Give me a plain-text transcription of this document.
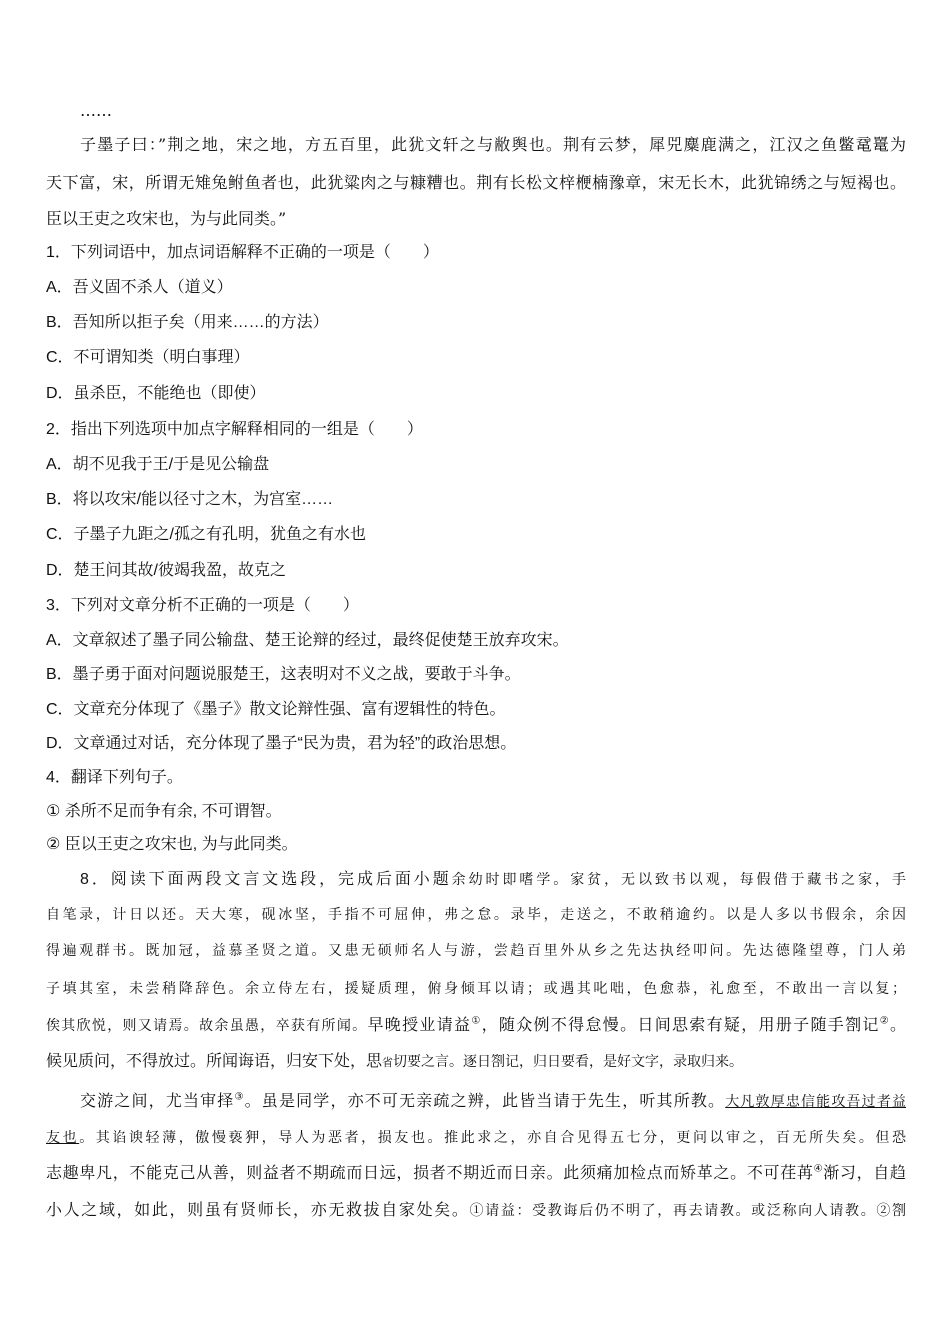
……
子墨子曰：”荆之地，宋之地，方五百里，此犹文轩之与敝舆也。荆有云梦，犀兕麋鹿满之，江汉之鱼鳖鼋鼍为
天下富，宋，所谓无雉兔鲋鱼者也，此犹粱肉之与糠糟也。荆有长松文梓楩楠豫章，宋无长木，此犹锦绣之与短褐也。
臣以王吏之攻宋也，为与此同类。”
1．下列词语中，加点词语解释不正确的一项是（　　）
A．吾义固不杀人（道义）
B．吾知所以拒子矣（用来……的方法）
C．不可谓知类（明白事理）
D．虽杀臣，不能绝也（即使）
2．指出下列选项中加点字解释相同的一组是（　　）
A．胡不见我于王/于是见公输盘
B．将以攻宋/能以径寸之木，为宫室……
C．子墨子九距之/孤之有孔明，犹鱼之有水也
D．楚王问其故/彼竭我盈，故克之
3．下列对文章分析不正确的一项是（　　）
A．文章叙述了墨子同公输盘、楚王论辩的经过，最终促使楚王放弃攻宋。
B．墨子勇于面对问题说服楚王，这表明对不义之战，要敢于斗争。
C．文章充分体现了《墨子》散文论辩性强、富有逻辑性的特色。
D．文章通过对话，充分体现了墨子“民为贵，君为轻”的政治思想。
4．翻译下列句子。
① 杀所不足而争有余, 不可谓智。
② 臣以王吏之攻宋也, 为与此同类。
8．阅读下面两段文言文选段，完成后面小题余幼时即嗜学。家贫，无以致书以观，每假借于藏书之家，手
自笔录，计日以还。天大寒，砚冰坚，手指不可屈伸，弗之怠。录毕，走送之，不敢稍逾约。以是人多以书假余，余因
得遍观群书。既加冠，益慕圣贤之道。又患无硕师名人与游，尝趋百里外从乡之先达执经叩问。先达德隆望尊，门人弟
子填其室，未尝稍降辞色。余立侍左右，援疑质理，俯身倾耳以请；或遇其叱咄，色愈恭，礼愈至，不敢出一言以复；
俟其欣悦，则又请焉。故余虽愚，卒获有所闻。早晚授业请益①，随众例不得怠慢。日间思索有疑，用册子随手劄记②。
候见质问，不得放过。所闻诲语，归安下处，思省切要之言。逐日劄记，归日要看，是好文字，录取归来。
交游之间，尤当审择③。虽是同学，亦不可无亲疏之辨，此皆当请于先生，听其所教。大凡敦厚忠信能攻吾过者益
友也。其谄谀轻薄，傲慢亵狎，导人为恶者，损友也。推此求之，亦自合见得五七分，更问以审之，百无所失矣。但恐
志趣卑凡，不能克己从善，则益者不期疏而日远，损者不期近而日亲。此须痛加检点而矫革之。不可荏苒④渐习，自趋
小人之域，如此，则虽有贤师长，亦无救拔自家处矣。①请益：受教诲后仍不明了，再去请教。或泛称向人请教。②劄
